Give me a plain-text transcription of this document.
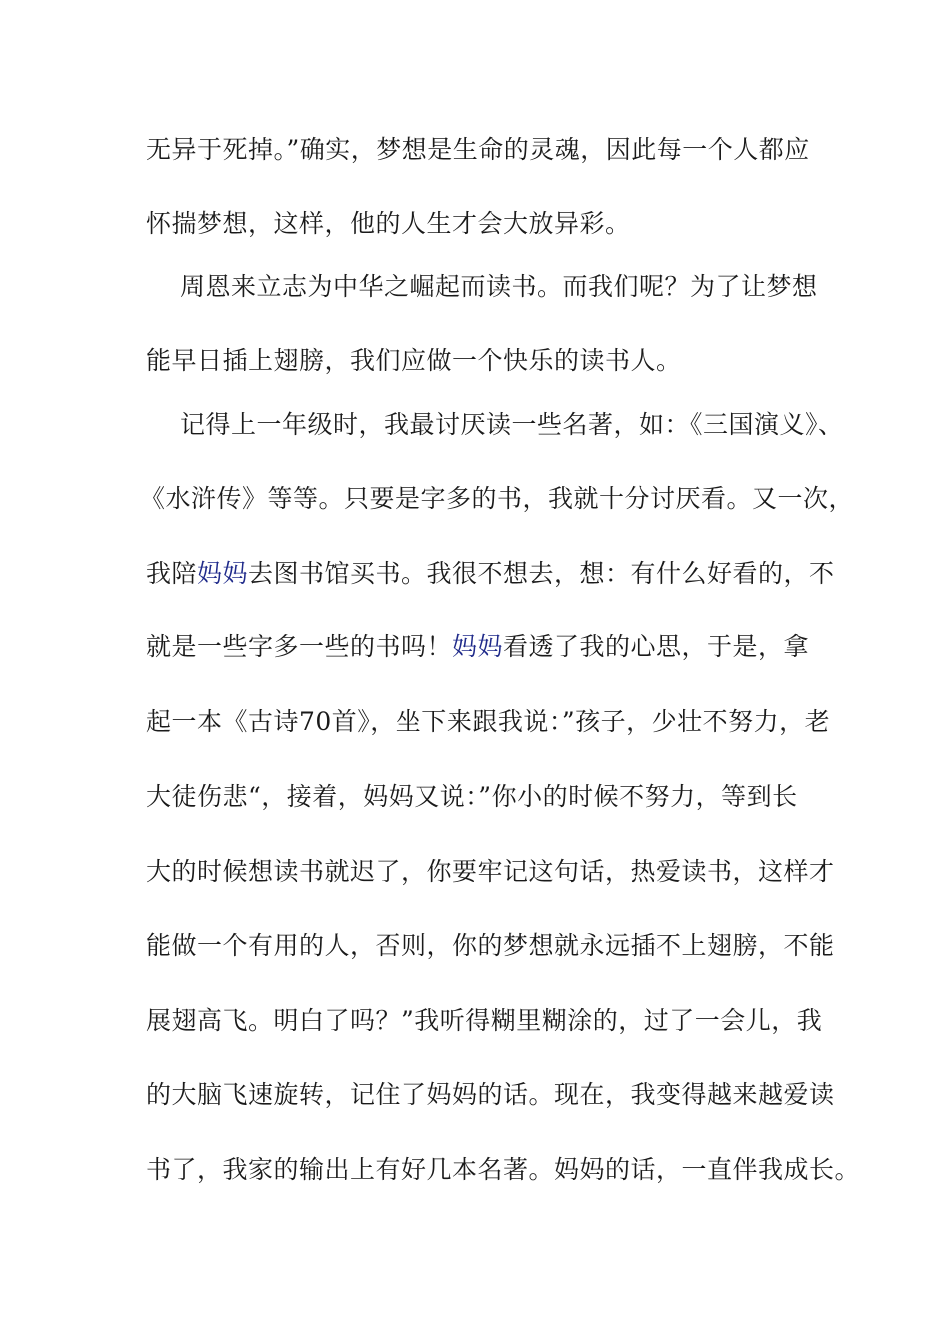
无异于死掉。”确实，梦想是生命的灵魂，因此每一个人都应
怀揣梦想，这样，他的人生才会大放异彩。
周恩来立志为中华之崛起而读书。而我们呢？为了让梦想
能早日插上翅膀，我们应做一个快乐的读书人。
记得上一年级时，我最讨厌读一些名著，如：《三国演义》、
《水浒传》等等。只要是字多的书，我就十分讨厌看。又一次，
我陪妈妈去图书馆买书。我很不想去，想：有什么好看的，不
就是一些字多一些的书吗！妈妈看透了我的心思，于是，拿
起一本《古诗70首》，坐下来跟我说：”孩子，少壮不努力，老
大徒伤悲“，接着，妈妈又说：”你小的时候不努力，等到长
大的时候想读书就迟了，你要牢记这句话，热爱读书，这样才
能做一个有用的人，否则，你的梦想就永远插不上翅膀，不能
展翅高飞。明白了吗？”我听得糊里糊涂的，过了一会儿，我
的大脑飞速旋转，记住了妈妈的话。现在，我变得越来越爱读
书了，我家的输出上有好几本名著。妈妈的话，一直伴我成长。
